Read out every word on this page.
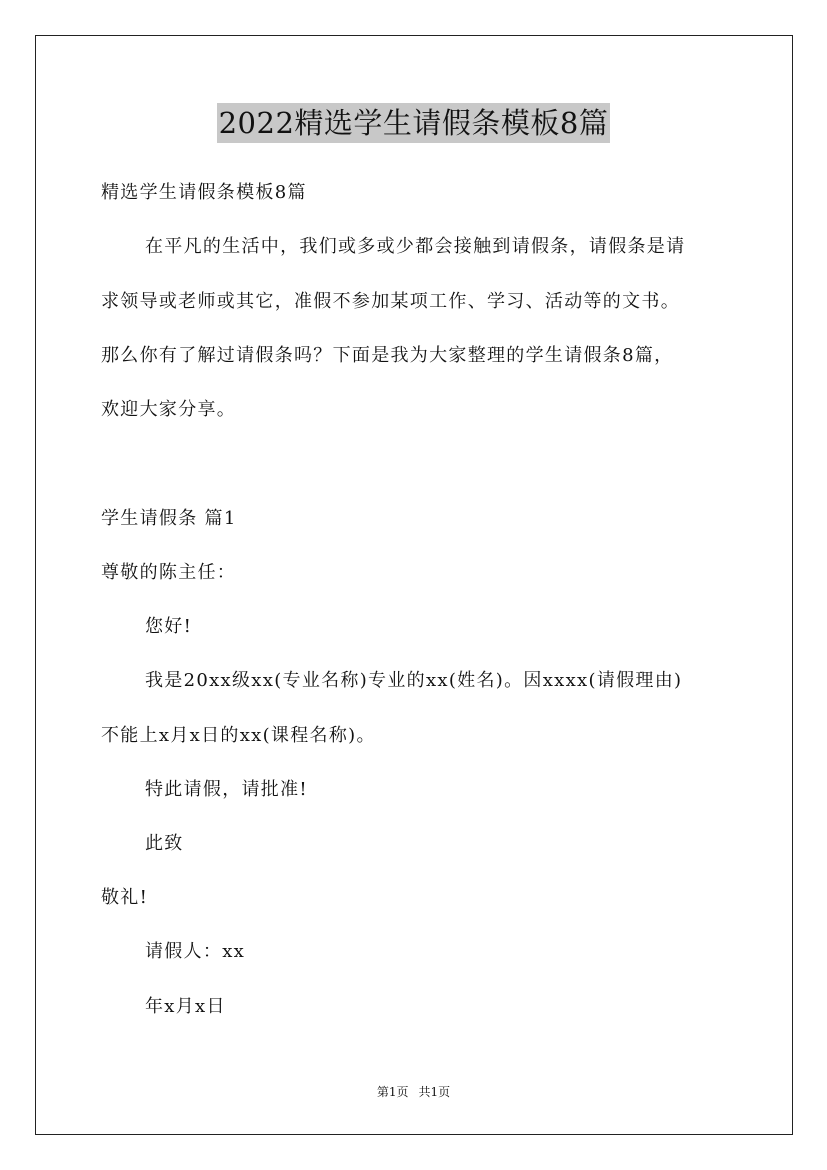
2022精选学生请假条模板8篇
精选学生请假条模板8篇
在平凡的生活中，我们或多或少都会接触到请假条，请假条是请
求领导或老师或其它，准假不参加某项工作、学习、活动等的文书。
那么你有了解过请假条吗？下面是我为大家整理的学生请假条8篇，
欢迎大家分享。
学生请假条 篇1
尊敬的陈主任：
您好!
我是20xx级xx(专业名称)专业的xx(姓名)。因xxxx(请假理由)
不能上x月x日的xx(课程名称)。
特此请假，请批准!
此致
敬礼!
请假人：xx
年x月x日
第1页 共1页
